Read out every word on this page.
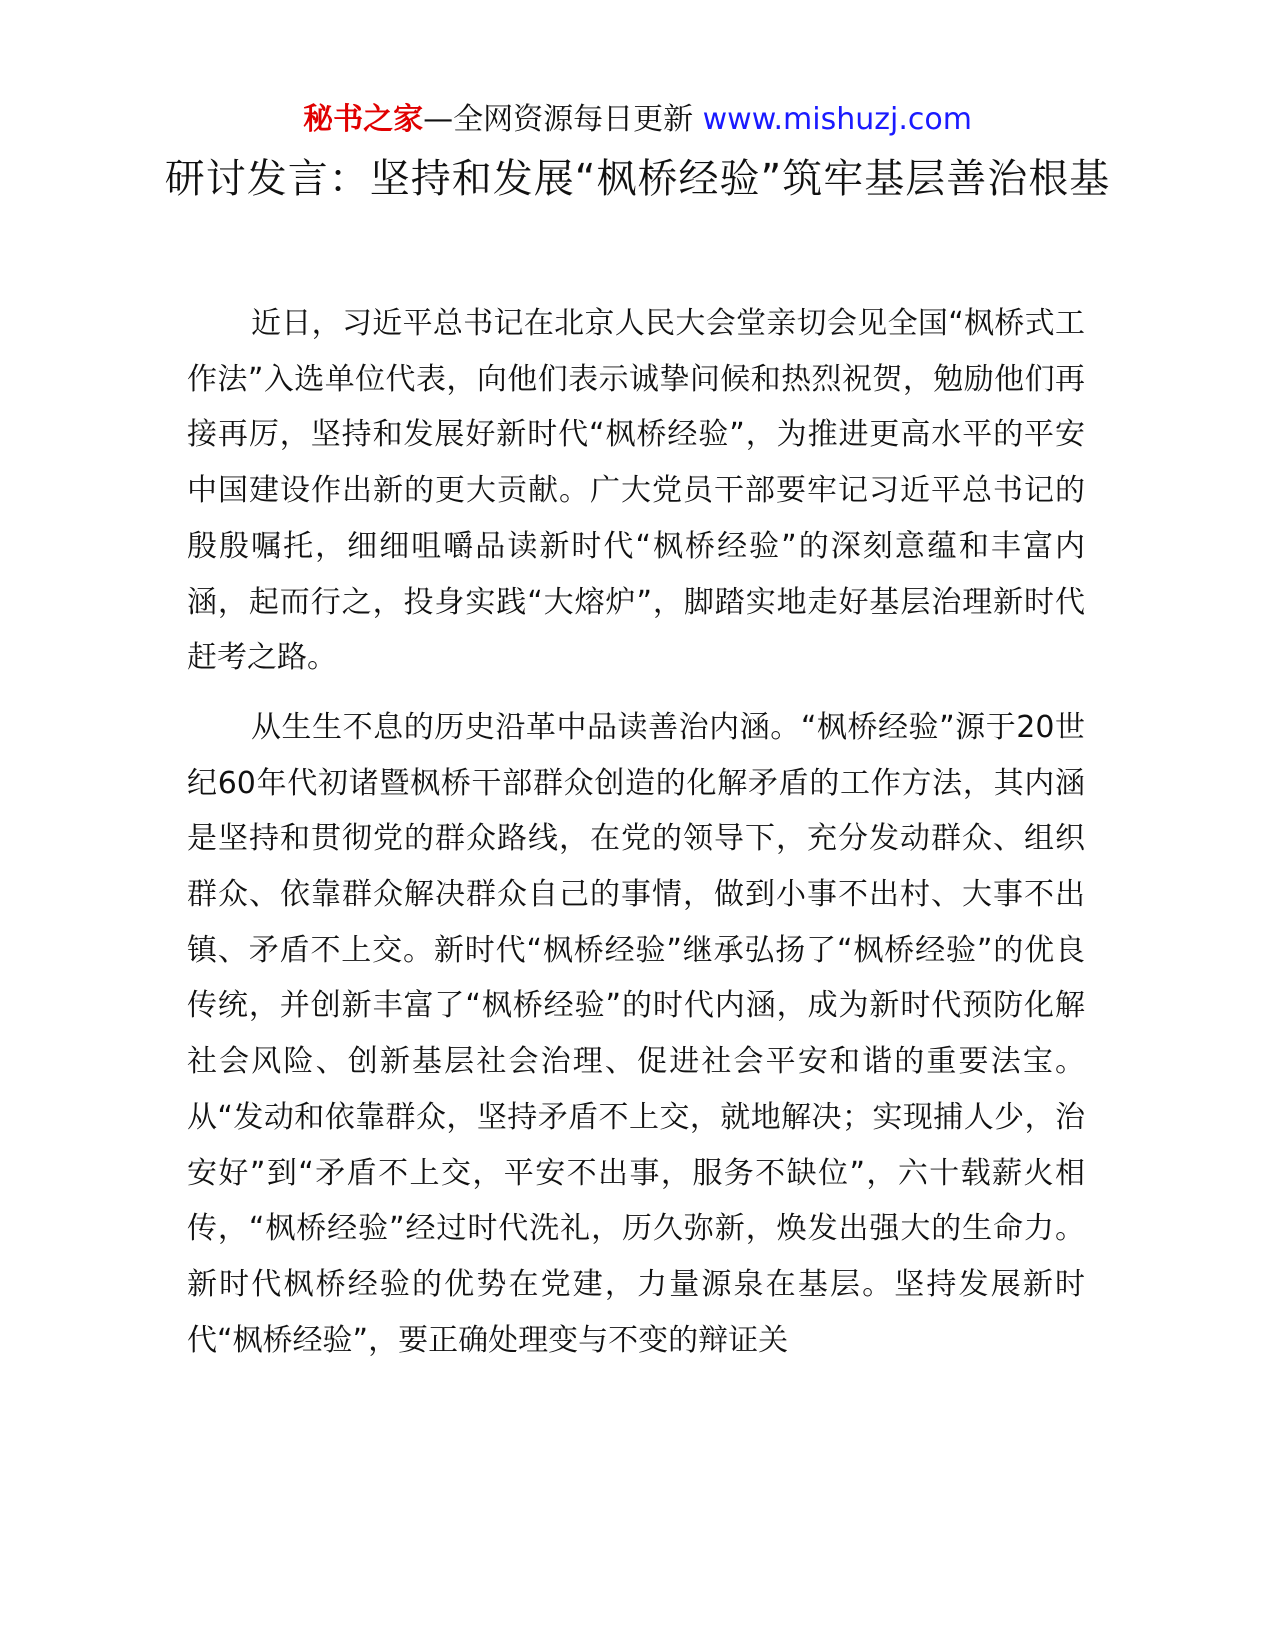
秘书之家—全网资源每日更新 www.mishuzj.com
研讨发言：坚持和发展“枫桥经验”筑牢基层善治根基

近日，习近平总书记在北京人民大会堂亲切会见全国“枫桥式工作法”入选单位代表，向他们表示诚挚问候和热烈祝贺，勉励他们再接再厉，坚持和发展好新时代“枫桥经验”，为推进更高水平的平安中国建设作出新的更大贡献。广大党员干部要牢记习近平总书记的殷殷嘱托，细细咀嚼品读新时代“枫桥经验”的深刻意蕴和丰富内涵，起而行之，投身实践“大熔炉”，脚踏实地走好基层治理新时代赶考之路。

从生生不息的历史沿革中品读善治内涵。“枫桥经验”源于20世纪60年代初诸暨枫桥干部群众创造的化解矛盾的工作方法，其内涵是坚持和贯彻党的群众路线，在党的领导下，充分发动群众、组织群众、依靠群众解决群众自己的事情，做到小事不出村、大事不出镇、矛盾不上交。新时代“枫桥经验”继承弘扬了“枫桥经验”的优良传统，并创新丰富了“枫桥经验”的时代内涵，成为新时代预防化解社会风险、创新基层社会治理、促进社会平安和谐的重要法宝。从“发动和依靠群众，坚持矛盾不上交，就地解决；实现捕人少，治安好”到“矛盾不上交，平安不出事，服务不缺位”，六十载薪火相传，“枫桥经验”经过时代洗礼，历久弥新，焕发出强大的生命力。新时代枫桥经验的优势在党建，力量源泉在基层。坚持发展新时代“枫桥经验”，要正确处理变与不变的辩证关
